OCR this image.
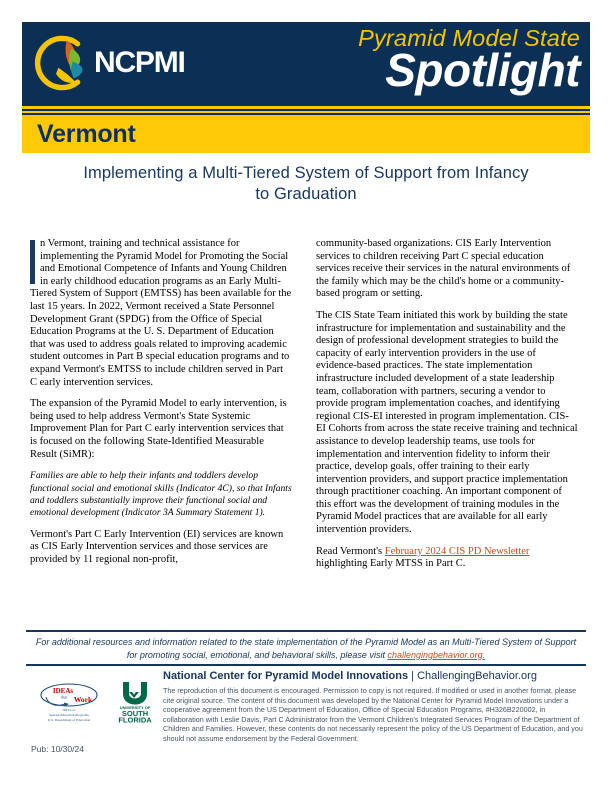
NCPMI
Pyramid Model State
Spotlight
Vermont
Implementing a Multi-Tiered System of Support from Infancy to Graduation

n Vermont, training and technical assistance for implementing the Pyramid Model for Promoting the Social and Emotional Competence of Infants and Young Children in early childhood education programs as an Early Multi-Tiered System of Support (EMTSS) has been available for the last 15 years. In 2022, Vermont received a State Personnel Development Grant (SPDG) from the Office of Special Education Programs at the U. S. Department of Education that was used to address goals related to improving academic student outcomes in Part B special education programs and to expand Vermont's EMTSS to include children served in Part C early intervention services.

The expansion of the Pyramid Model to early intervention, is being used to help address Vermont's State Systemic Improvement Plan for Part C early intervention services that is focused on the following State-Identified Measurable Result (SiMR):

Families are able to help their infants and toddlers develop functional social and emotional skills (Indicator 4C), so that Infants and toddlers substantially improve their functional social and emotional development (Indicator 3A Summary Statement 1).

Vermont's Part C Early Intervention (EI) services are known as CIS Early Intervention services and those services are provided by 11 regional non-profit,

community-based organizations. CIS Early Intervention services to children receiving Part C special education services receive their services in the natural environments of the family which may be the child's home or a community-based program or setting.

The CIS State Team initiated this work by building the state infrastructure for implementation and sustainability and the design of professional development strategies to build the capacity of early intervention providers in the use of evidence-based practices. The state implementation infrastructure included development of a state leadership team, collaboration with partners, securing a vendor to provide program implementation coaches, and identifying regional CIS-EI interested in program implementation. CIS-EI Cohorts from across the state receive training and technical assistance to develop leadership teams, use tools for implementation and intervention fidelity to inform their practice, develop goals, offer training to their early intervention providers, and support practice implementation through practitioner coaching. An important component of this effort was the development of training modules in the Pyramid Model practices that are available for all early intervention providers.

Read Vermont's February 2024 CIS PD Newsletter highlighting Early MTSS in Part C.

For additional resources and information related to the state implementation of the Pyramid Model as an Multi-Tiered System of Support for promoting social, emotional, and behavioral skills, please visit challengingbehavior.org.
IDEAs
that Work
Office of
Special Education Programs
U.S. Department of Education
UNIVERSITY OF
SOUTH
FLORIDA
National Center for Pyramid Model Innovations | ChallengingBehavior.org
The reproduction of this document is encouraged. Permission to copy is not required. If modified or used in another format, please cite original source. The content of this document was developed by the National Center for Pyramid Model Innovations under a cooperative agreement from the US Department of Education, Office of Special Education Programs, #H326B220002, in collaboration with Leslie Davis, Part C Administrator from the Vermont Children's Integrated Services Program of the Department of Children and Families. However, these contents do not necessarily represent the policy of the US Department of Education, and you should not assume endorsement by the Federal Government.
Pub: 10/30/24
